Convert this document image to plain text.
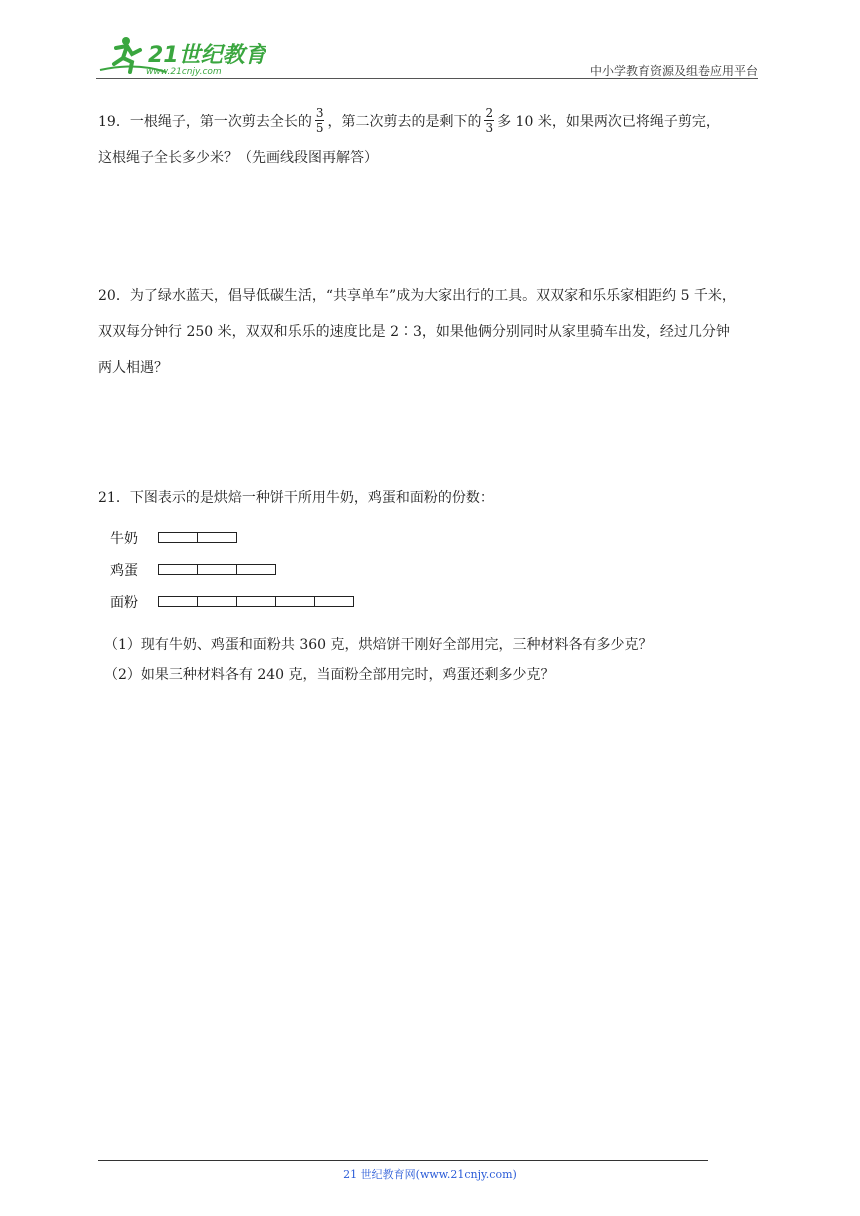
21世纪教育
www.21cnjy.com	中小学教育资源及组卷应用平台

19．一根绳子，第一次剪去全长的 $\frac{3}{5}$ ，第二次剪去的是剩下的 $\frac{2}{3}$ 多 10 米，如果两次已将绳子剪完，

这根绳子全长多少米？（先画线段图再解答）

20．为了绿水蓝天，倡导低碳生活，“共享单车”成为大家出行的工具。双双家和乐乐家相距约 5 千米，

双双每分钟行 250 米，双双和乐乐的速度比是 2∶3，如果他俩分别同时从家里骑车出发，经过几分钟

两人相遇？

21．下图表示的是烘焙一种饼干所用牛奶，鸡蛋和面粉的份数：

牛奶
鸡蛋
面粉

（1）现有牛奶、鸡蛋和面粉共 360 克，烘焙饼干刚好全部用完，三种材料各有多少克？

（2）如果三种材料各有 240 克，当面粉全部用完时，鸡蛋还剩多少克？

21 世纪教育网(www.21cnjy.com)
